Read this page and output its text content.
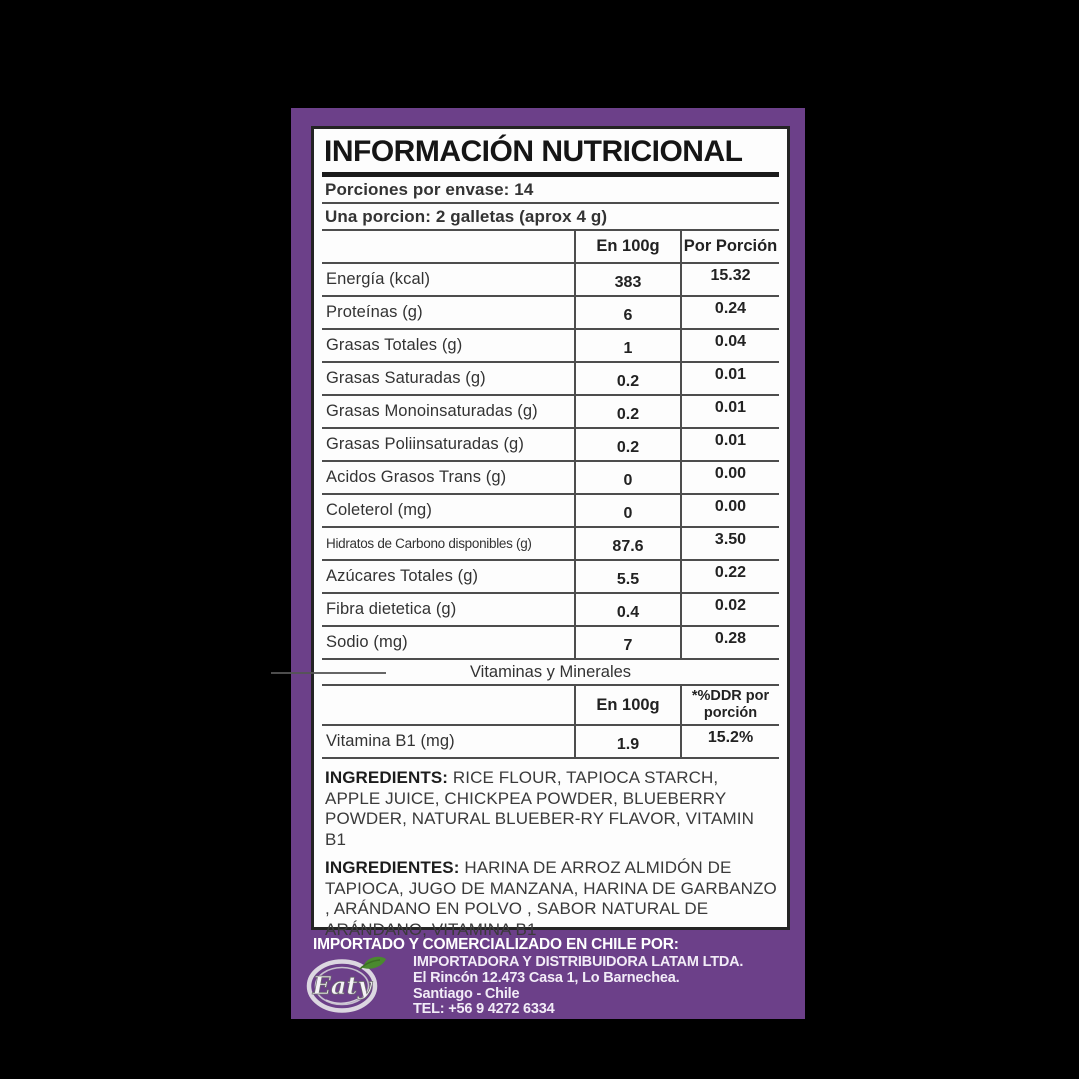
INFORMACIÓN NUTRICIONAL
Porciones por envase: 14
Una porcion: 2 galletas (aprox 4 g)
En 100g	Por Porción
Energía (kcal)	383	15.32
Proteínas (g)	6	0.24
Grasas Totales (g)	1	0.04
Grasas Saturadas (g)	0.2	0.01
Grasas Monoinsaturadas (g)	0.2	0.01
Grasas Poliinsaturadas (g)	0.2	0.01
Acidos Grasos Trans (g)	0	0.00
Coleterol (mg)	0	0.00
Hidratos de Carbono disponibles (g)	87.6	3.50
Azúcares Totales (g)	5.5	0.22
Fibra dietetica (g)	0.4	0.02
Sodio (mg)	7	0.28
Vitaminas y Minerales
En 100g	*%DDR por porción
Vitamina B1 (mg)	1.9	15.2%

INGREDIENTS: RICE FLOUR, TAPIOCA STARCH, APPLE JUICE, CHICKPEA POWDER, BLUEBERRY POWDER, NATURAL BLUEBER-RY FLAVOR, VITAMIN B1

INGREDIENTES: HARINA DE ARROZ ALMIDÓN DE TAPIOCA, JUGO DE MANZANA, HARINA DE GARBANZO , ARÁNDANO EN POLVO , SABOR NATURAL DE ARÁNDANO, VITAMINA B1

IMPORTADO Y COMERCIALIZADO EN CHILE POR:
Eaty
IMPORTADORA Y DISTRIBUIDORA LATAM LTDA.
El Rincón 12.473 Casa 1, Lo Barnechea.
Santiago - Chile
TEL: +56 9 4272 6334
